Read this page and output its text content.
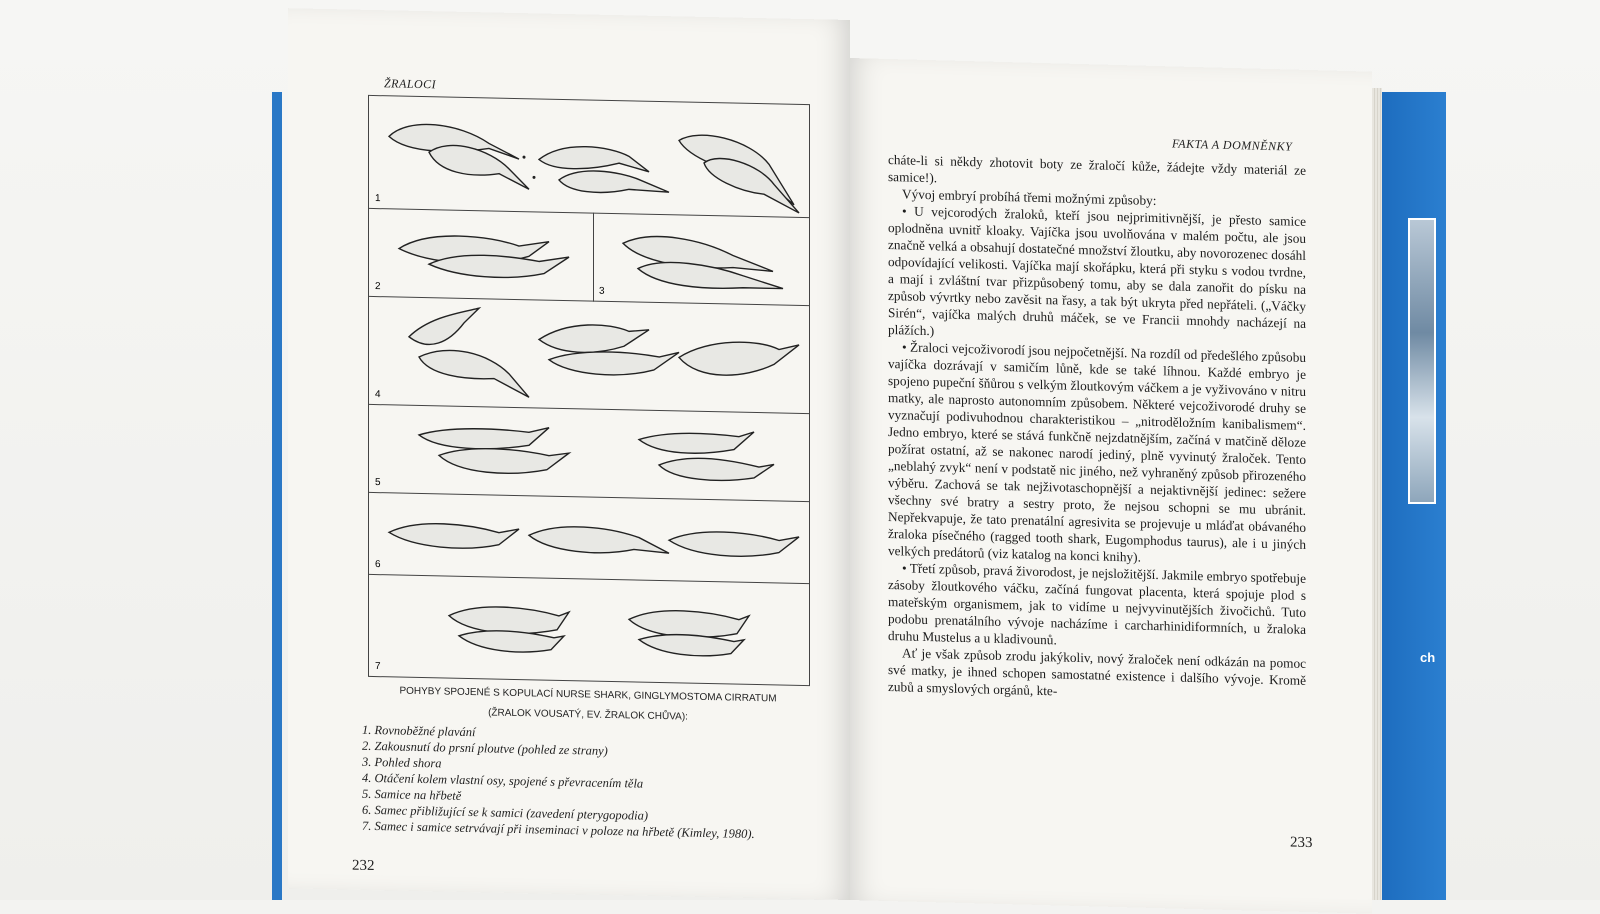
ch
ŽRALOCI
1
2	3
4
5
6
7
POHYBY SPOJENÉ S KOPULACÍ NURSE SHARK, GINGLYMOSTOMA CIRRATUM
(ŽRALOK VOUSATÝ, EV. ŽRALOK CHŮVA):
1. Rovnoběžné plavání
2. Zakousnutí do prsní ploutve (pohled ze strany)
3. Pohled shora
4. Otáčení kolem vlastní osy, spojené s převracením těla
5. Samice na hřbetě
6. Samec přibližující se k samici (zavedení pterygopodia)
7. Samec i samice setrvávají při inseminaci v poloze na hřbetě (Kimley, 1980).
232
FAKTA A DOMNĚNKY

cháte-li si někdy zhotovit boty ze žraločí kůže, žádejte vždy materiál ze samice!).

Vývoj embryí probíhá třemi možnými způsoby:

• U vejcorodých žraloků, kteří jsou nejprimitivnější, je přesto samice oplodněna uvnitř kloaky. Vajíčka jsou uvolňována v malém počtu, ale jsou značně velká a obsahují dostatečné množství žloutku, aby novorozenec dosáhl odpovídající velikosti. Vajíčka mají skořápku, která při styku s vodou tvrdne, a mají i zvláštní tvar přizpůsobený tomu, aby se dala zanořit do písku na způsob vývrtky nebo zavěsit na řasy, a tak být ukryta před nepřáteli. („Váčky Sirén“, vajíčka malých druhů máček, se ve Francii mnohdy nacházejí na plážích.)

• Žraloci vejcoživorodí jsou nejpočetnější. Na rozdíl od předešlého způsobu vajíčka dozrávají v samičím lůně, kde se také líhnou. Každé embryo je spojeno pupeční šňůrou s velkým žloutkovým váčkem a je vyživováno v nitru matky, ale naprosto autonomním způsobem. Některé vejcoživorodé druhy se vyznačují podivuhodnou charakteristikou – „nitroděložním kanibalismem“. Jedno embryo, které se stává funkčně nejzdatnějším, začíná v matčině děloze požírat ostatní, až se nakonec narodí jediný, plně vyvinutý žraloček. Tento „neblahý zvyk“ není v podstatě nic jiného, než vyhraněný způsob přirozeného výběru. Zachová se tak nejživotaschopnější a nejaktivnější jedinec: sežere všechny své bratry a sestry proto, že nejsou schopni se mu ubránit. Nepřekvapuje, že tato prenatální agresivita se projevuje u mláďat obávaného žraloka písečného (ragged tooth shark, Eugomphodus taurus), ale i u jiných velkých predátorů (viz katalog na konci knihy).

• Třetí způsob, pravá živorodost, je nejsložitější. Jakmile embryo spotřebuje zásoby žloutkového váčku, začíná fungovat placenta, která spojuje plod s mateřským organismem, jak to vidíme u nejvyvinutějších živočichů. Tuto podobu prenatálního vývoje nacházíme i carcharhinidiformních, u žraloka druhu Mustelus a u kladivounů.

Ať je však způsob zrodu jakýkoliv, nový žraloček není odkázán na pomoc své matky, je ihned schopen samostatné existence i dalšího vývoje. Kromě zubů a smyslových orgánů, kte-

233
